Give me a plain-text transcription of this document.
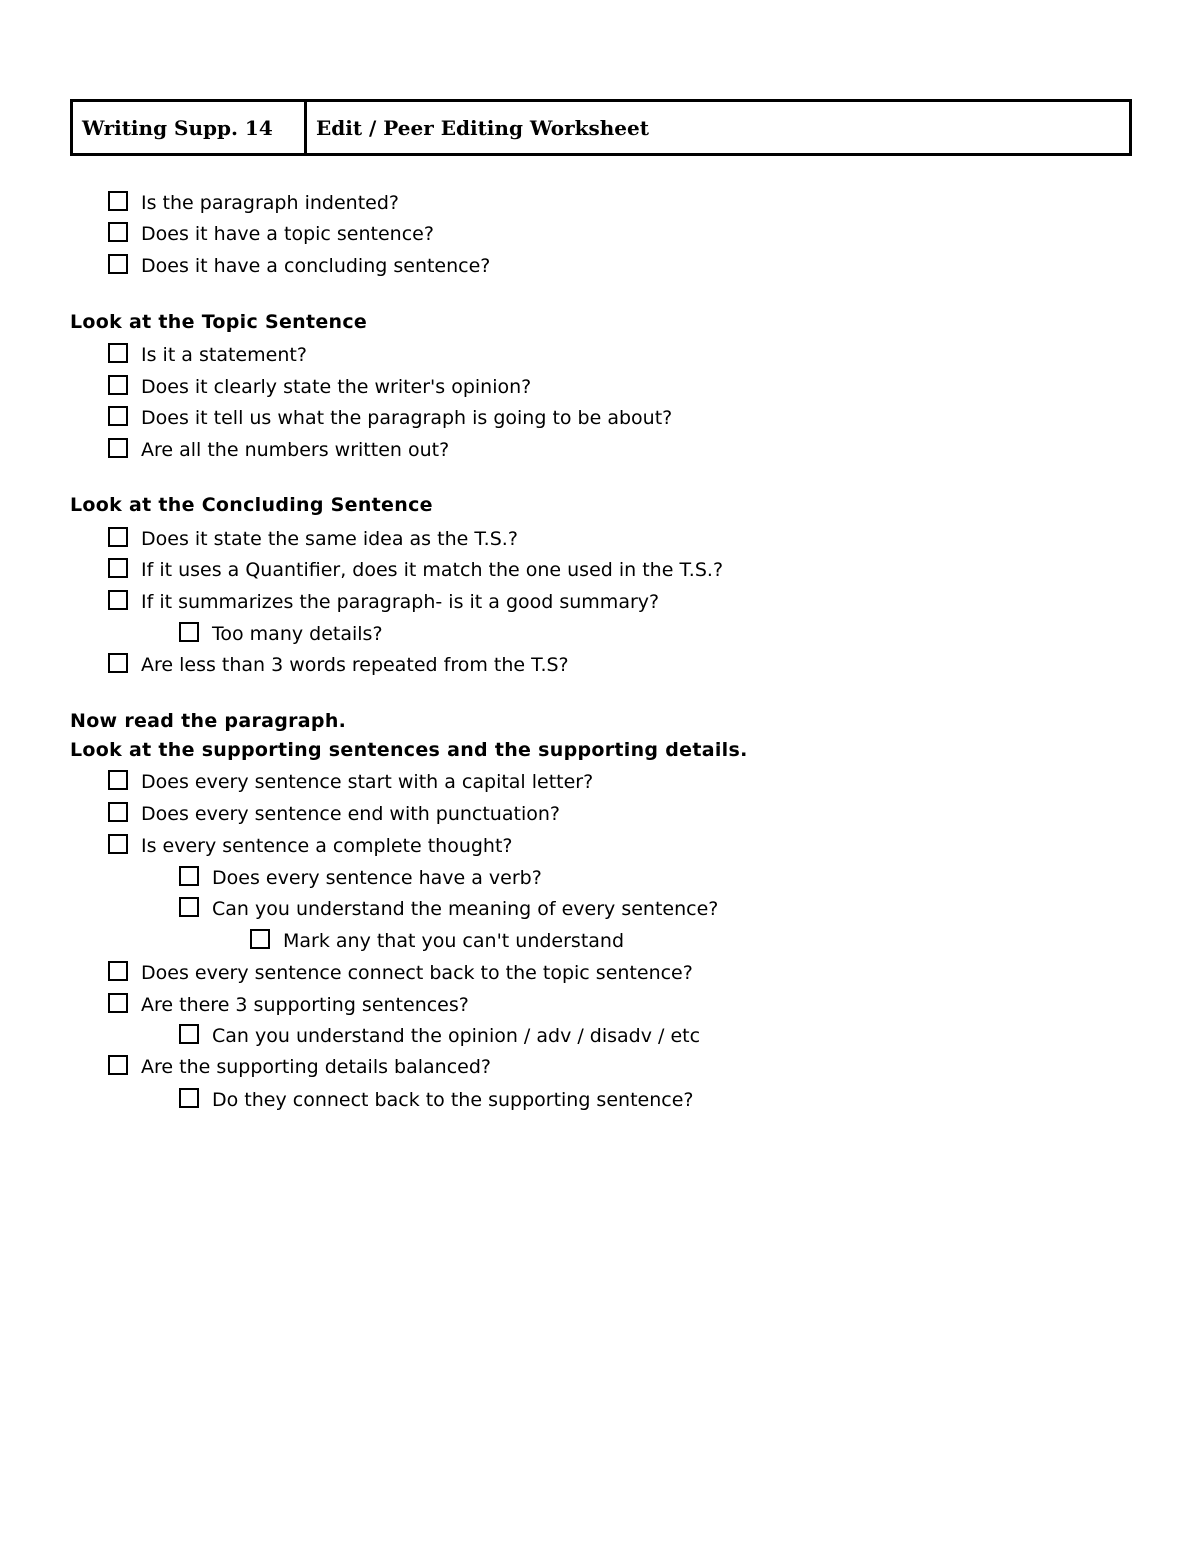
Writing Supp. 14	Edit / Peer Editing Worksheet
Is the paragraph indented?
Does it have a topic sentence?
Does it have a concluding sentence?
Look at the Topic Sentence
Is it a statement?
Does it clearly state the writer's opinion?
Does it tell us what the paragraph is going to be about?
Are all the numbers written out?
Look at the Concluding Sentence
Does it state the same idea as the T.S.?
If it uses a Quantifier, does it match the one used in the T.S.?
If it summarizes the paragraph- is it a good summary?
Too many details?
Are less than 3 words repeated from the T.S?
Now read the paragraph.
Look at the supporting sentences and the supporting details.
Does every sentence start with a capital letter?
Does every sentence end with punctuation?
Is every sentence a complete thought?
Does every sentence have a verb?
Can you understand the meaning of every sentence?
Mark any that you can't understand
Does every sentence connect back to the topic sentence?
Are there 3 supporting sentences?
Can you understand the opinion / adv / disadv / etc
Are the supporting details balanced?
Do they connect back to the supporting sentence?
